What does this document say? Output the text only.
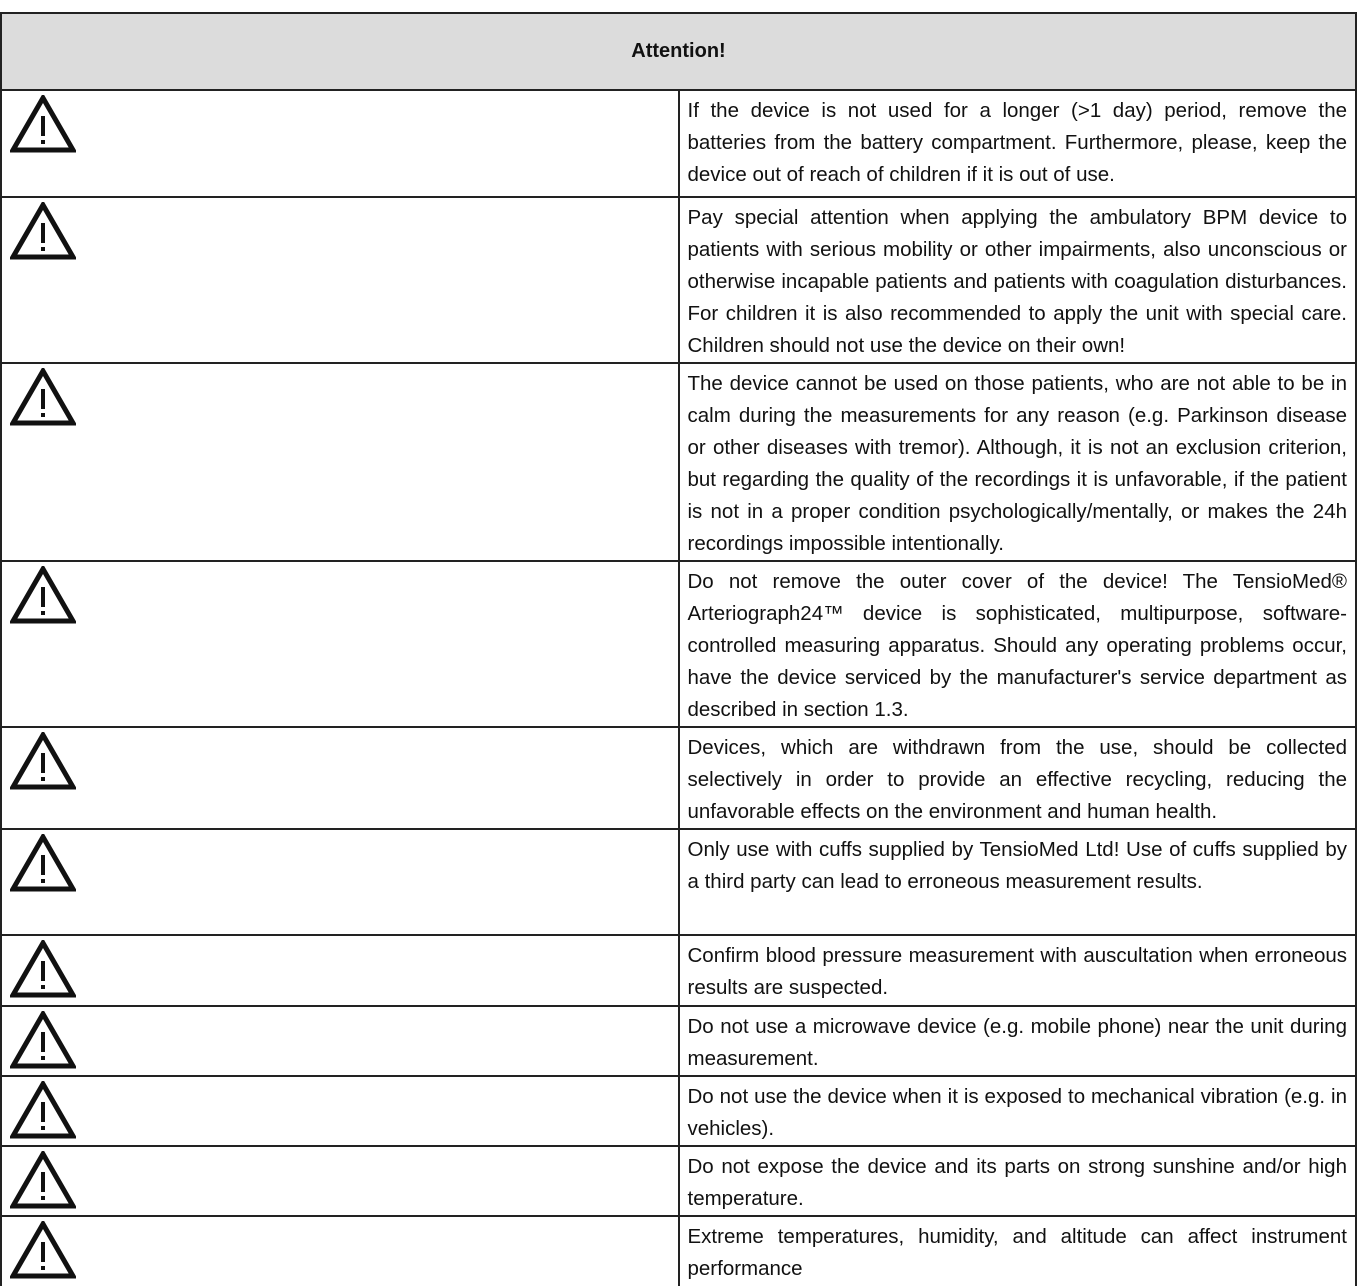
Attention!	

	If the device is not used for a longer (>1 day) period, remove the batteries from the battery compartment. Furthermore, please, keep the device out of reach of children if it is out of use.

	Pay special attention when applying the ambulatory BPM device to patients with serious mobility or other impairments, also unconscious or otherwise incapable patients and patients with coagulation disturbances. For children it is also recommended to apply the unit with special care. Children should not use the device on their own!

	The device cannot be used on those patients, who are not able to be in calm during the measurements for any reason (e.g. Parkinson disease or other diseases with tremor). Although, it is not an exclusion criterion, but regarding the quality of the recordings it is unfavorable, if the patient is not in a proper condition psychologically/mentally, or makes the 24h recordings impossible intentionally.

	Do not remove the outer cover of the device! The TensioMed® Arteriograph24™ device is sophisticated, multipurpose, software-controlled measuring apparatus. Should any operating problems occur, have the device serviced by the manufacturer's service department as described in section 1.3.

	Devices, which are withdrawn from the use, should be collected selectively in order to provide an effective recycling, reducing the unfavorable effects on the environment and human health.

	Only use with cuffs supplied by TensioMed Ltd! Use of cuffs supplied by a third party can lead to erroneous measurement results.

	Confirm blood pressure measurement with auscultation when erroneous results are suspected.

	Do not use a microwave device (e.g. mobile phone) near the unit during measurement.

	Do not use the device when it is exposed to mechanical vibration (e.g. in vehicles).

	Do not expose the device and its parts on strong sunshine and/or high temperature.

	Extreme temperatures, humidity, and altitude can affect instrument performance
